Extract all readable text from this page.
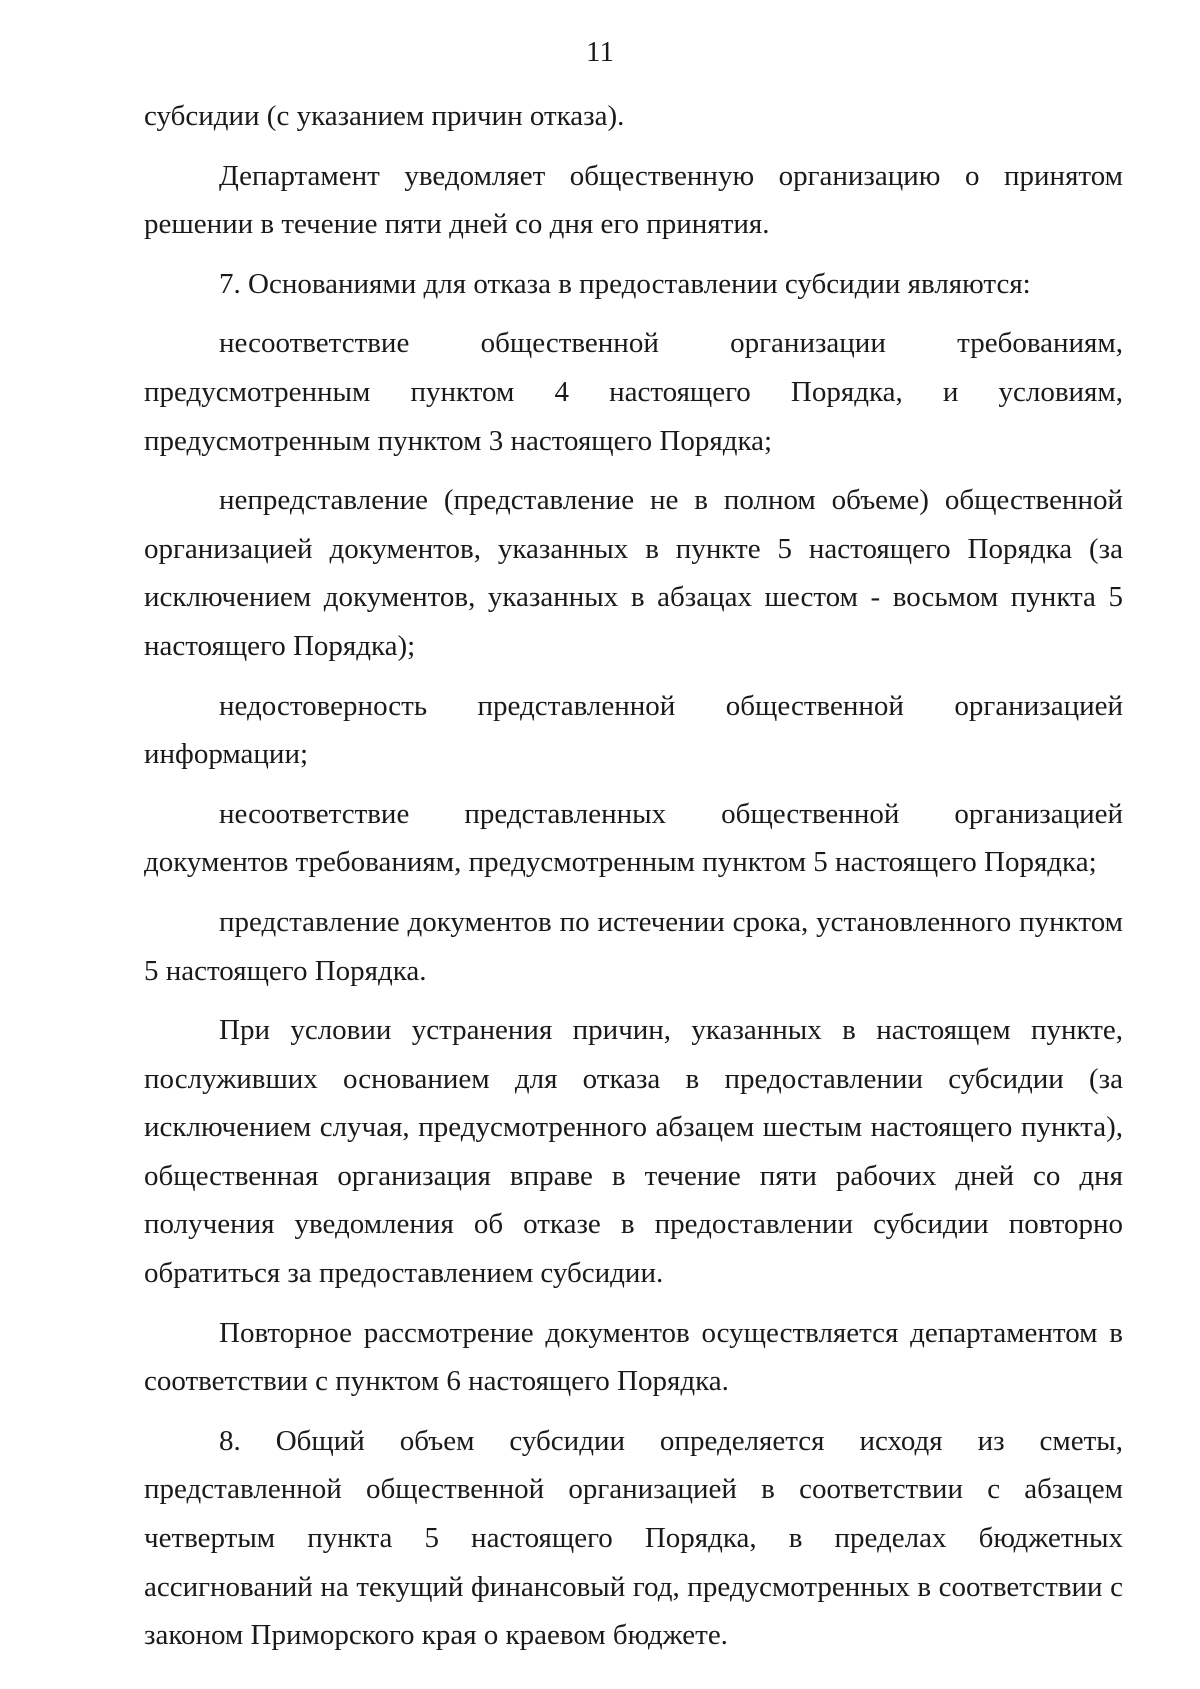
11

субсидии (с указанием причин отказа).

Департамент уведомляет общественную организацию о принятом решении в течение пяти дней со дня его принятия.

7. Основаниями для отказа в предоставлении субсидии являются:

несоответствие общественной организации требованиям, предусмотренным пунктом 4 настоящего Порядка, и условиям, предусмотренным пунктом 3 настоящего Порядка;

непредставление (представление не в полном объеме) общественной организацией документов, указанных в пункте 5 настоящего Порядка (за исключением документов, указанных в абзацах шестом - восьмом пункта 5 настоящего Порядка);

недостоверность представленной общественной организацией информации;

несоответствие представленных общественной организацией документов требованиям, предусмотренным пунктом 5 настоящего Порядка;

представление документов по истечении срока, установленного пунктом 5 настоящего Порядка.

При условии устранения причин, указанных в настоящем пункте, послуживших основанием для отказа в предоставлении субсидии (за исключением случая, предусмотренного абзацем шестым настоящего пункта), общественная организация вправе в течение пяти рабочих дней со дня получения уведомления об отказе в предоставлении субсидии повторно обратиться за предоставлением субсидии.

Повторное рассмотрение документов осуществляется департаментом в соответствии с пунктом 6 настоящего Порядка.

8. Общий объем субсидии определяется исходя из сметы, представленной общественной организацией в соответствии с абзацем четвертым пункта 5 настоящего Порядка, в пределах бюджетных ассигнований на текущий финансовый год, предусмотренных в соответствии с законом Приморского края о краевом бюджете.
